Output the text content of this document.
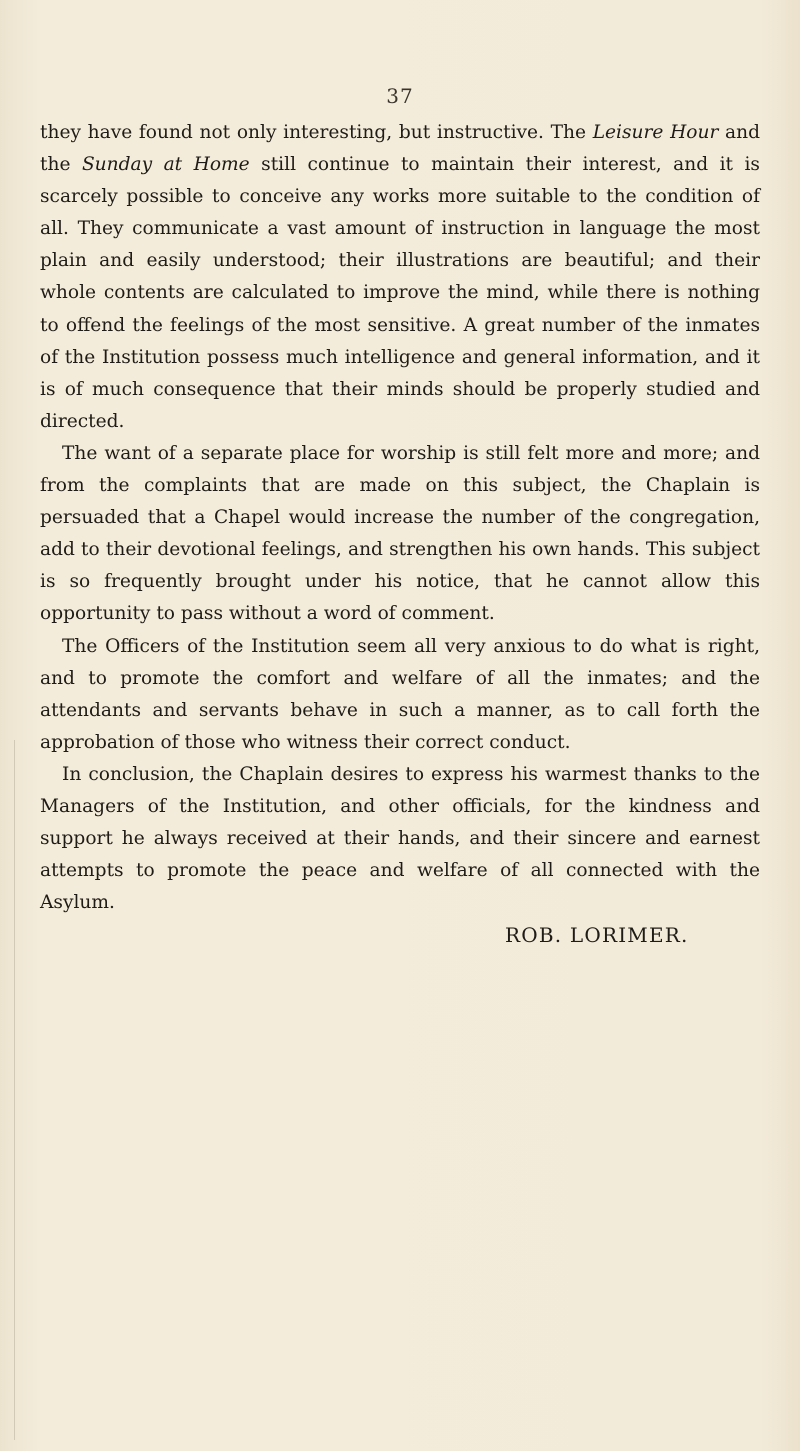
37

they have found not only interesting, but instructive. The Leisure Hour and the Sunday at Home still continue to maintain their interest, and it is scarcely possible to conceive any works more suitable to the condition of all. They communicate a vast amount of instruction in language the most plain and easily understood; their illustrations are beautiful; and their whole contents are calculated to improve the mind, while there is nothing to offend the feelings of the most sensitive. A great number of the inmates of the Institution possess much intelligence and general information, and it is of much consequence that their minds should be properly studied and directed.

The want of a separate place for worship is still felt more and more; and from the complaints that are made on this subject, the Chaplain is persuaded that a Chapel would increase the number of the congregation, add to their devotional feelings, and strengthen his own hands. This subject is so frequently brought under his notice, that he cannot allow this opportunity to pass without a word of comment.

The Officers of the Institution seem all very anxious to do what is right, and to promote the comfort and welfare of all the inmates; and the attendants and servants behave in such a manner, as to call forth the approbation of those who witness their correct conduct.

In conclusion, the Chaplain desires to express his warmest thanks to the Managers of the Institution, and other officials, for the kindness and support he always received at their hands, and their sincere and earnest attempts to promote the peace and welfare of all connected with the Asylum.

ROB. LORIMER.
